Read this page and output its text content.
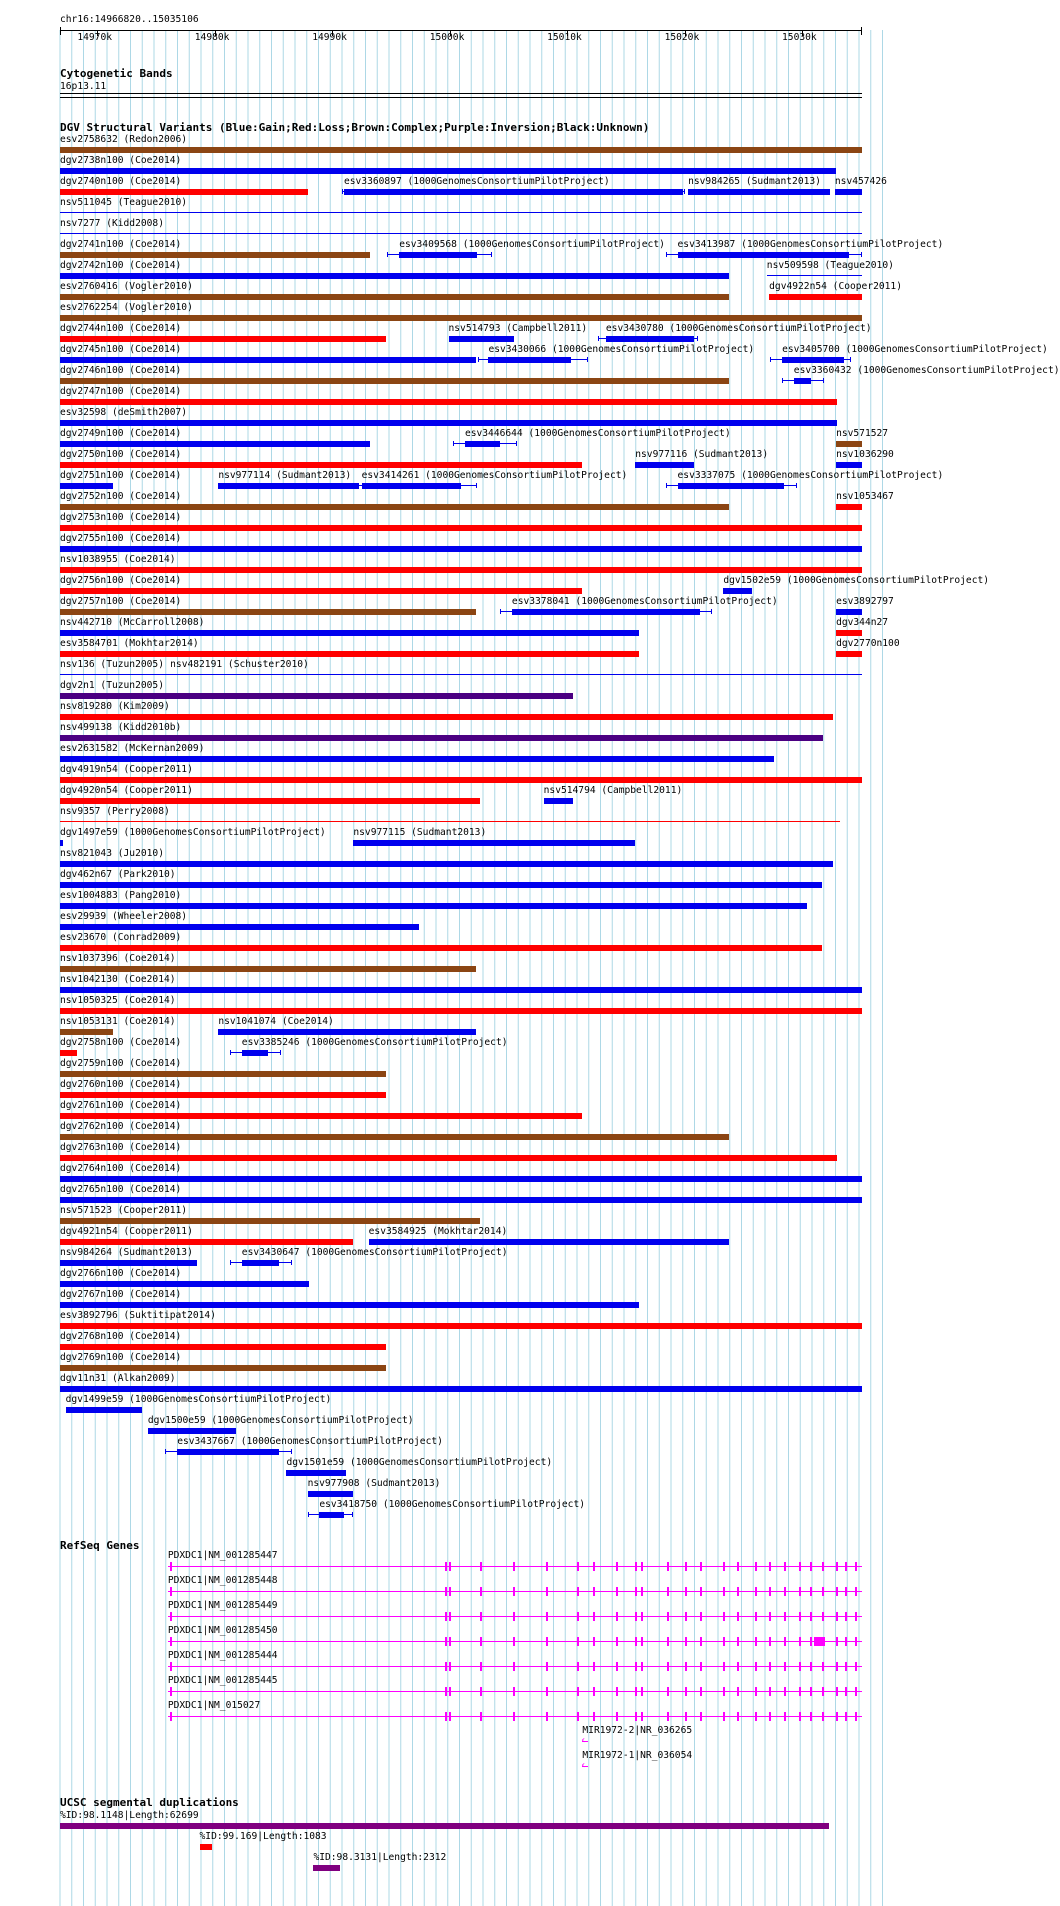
chr16:14966820..15035106
14970k	14980k	14990k	15000k	15010k	15020k	15030k
Cytogenetic Bands
16p13.11
DGV Structural Variants (Blue:Gain;Red:Loss;Brown:Complex;Purple:Inversion;Black:Unknown)
esv2758632 (Redon2006)
dgv2738n100 (Coe2014)
dgv2740n100 (Coe2014)	esv3360897 (1000GenomesConsortiumPilotProject)	nsv984265 (Sudmant2013) nsv457426
nsv511045 (Teague2010)
nsv7277 (Kidd2008)
dgv2741n100 (Coe2014)	esv3409568 (1000GenomesConsortiumPilotProject) esv3413987 (1000GenomesConsortiumPilotProject)
dgv2742n100 (Coe2014)	nsv509598 (Teague2010)
esv2760416 (Vogler2010)	dgv4922n54 (Cooper2011)
esv2762254 (Vogler2010)
dgv2744n100 (Coe2014)	nsv514793 (Campbell2011) esv3430780 (1000GenomesConsortiumPilotProject)
dgv2745n100 (Coe2014)	esv3430066 (1000GenomesConsortiumPilotProject)	esv3405700 (1000GenomesConsortiumPilotProject)
dgv2746n100 (Coe2014)	esv3360432 (1000GenomesConsortiumPilotProject)
dgv2747n100 (Coe2014)
esv32598 (deSmith2007)
dgv2749n100 (Coe2014)	esv3446644 (1000GenomesConsortiumPilotProject)	nsv571527
dgv2750n100 (Coe2014)	nsv977116 (Sudmant2013)	nsv1036290
dgv2751n100 (Coe2014)	nsv977114 (Sudmant2013) esv3414261 (1000GenomesConsortiumPilotProject)	esv3337075 (1000GenomesConsortiumPilotProject)
dgv2752n100 (Coe2014)	nsv1053467
dgv2753n100 (Coe2014)
dgv2755n100 (Coe2014)
nsv1038955 (Coe2014)
dgv2756n100 (Coe2014)	dgv1502e59 (1000GenomesConsortiumPilotProject)
dgv2757n100 (Coe2014)	esv3378041 (1000GenomesConsortiumPilotProject)	esv3892797
nsv442710 (McCarroll2008)	dgv344n27
esv3584701 (Mokhtar2014)	dgv2770n100
nsv136 (Tuzun2005) nsv482191 (Schuster2010)
dgv2n1 (Tuzun2005)
nsv819280 (Kim2009)
nsv499138 (Kidd2010b)
esv2631582 (McKernan2009)
dgv4919n54 (Cooper2011)
dgv4920n54 (Cooper2011)	nsv514794 (Campbell2011)
nsv9357 (Perry2008)
dgv1497e59 (1000GenomesConsortiumPilotProject)	nsv977115 (Sudmant2013)
nsv821043 (Ju2010)
dgv462n67 (Park2010)
esv1004883 (Pang2010)
esv29939 (Wheeler2008)
esv23670 (Conrad2009)
nsv1037396 (Coe2014)
nsv1042130 (Coe2014)
nsv1050325 (Coe2014)
nsv1053131 (Coe2014)	nsv1041074 (Coe2014)
dgv2758n100 (Coe2014)	esv3385246 (1000GenomesConsortiumPilotProject)
dgv2759n100 (Coe2014)
dgv2760n100 (Coe2014)
dgv2761n100 (Coe2014)
dgv2762n100 (Coe2014)
dgv2763n100 (Coe2014)
dgv2764n100 (Coe2014)
dgv2765n100 (Coe2014)
nsv571523 (Cooper2011)
dgv4921n54 (Cooper2011)	esv3584925 (Mokhtar2014)
nsv984264 (Sudmant2013)	esv3430647 (1000GenomesConsortiumPilotProject)
dgv2766n100 (Coe2014)
dgv2767n100 (Coe2014)
esv3892796 (Suktitipat2014)
dgv2768n100 (Coe2014)
dgv2769n100 (Coe2014)
dgv11n31 (Alkan2009)
dgv1499e59 (1000GenomesConsortiumPilotProject)
dgv1500e59 (1000GenomesConsortiumPilotProject)
esv3437667 (1000GenomesConsortiumPilotProject)
dgv1501e59 (1000GenomesConsortiumPilotProject)
nsv977908 (Sudmant2013)
esv3418750 (1000GenomesConsortiumPilotProject)
RefSeq Genes
PDXDC1|NM_001285447
PDXDC1|NM_001285448
PDXDC1|NM_001285449
PDXDC1|NM_001285450
PDXDC1|NM_001285444
PDXDC1|NM_001285445
PDXDC1|NM_015027
MIR1972-2|NR_036265
‹
MIR1972-1|NR_036054
‹
UCSC segmental duplications
%ID:98.1148|Length:62699
%ID:99.169|Length:1083
%ID:98.3131|Length:2312
